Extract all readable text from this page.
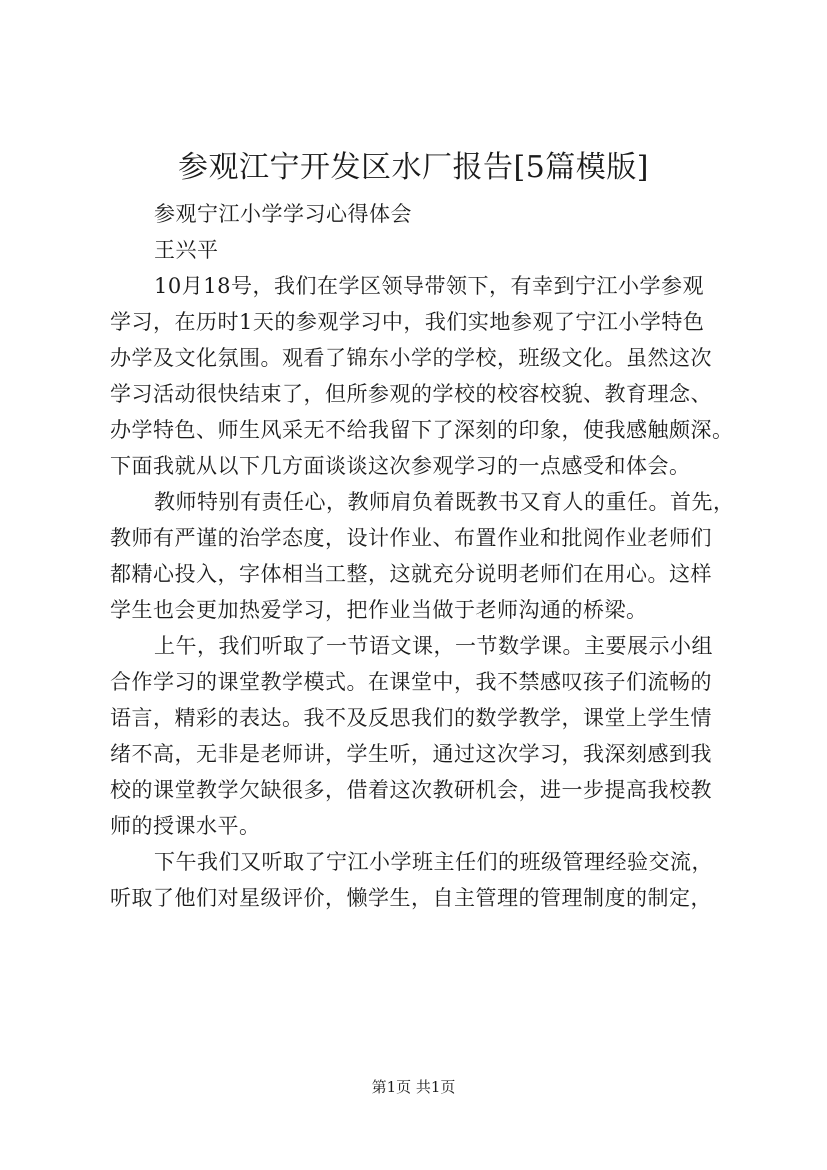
参观江宁开发区水厂报告[5篇模版]
参观宁江小学学习心得体会
王兴平
10月18号，我们在学区领导带领下，有幸到宁江小学参观
学习，在历时1天的参观学习中，我们实地参观了宁江小学特色
办学及文化氛围。观看了锦东小学的学校，班级文化。虽然这次
学习活动很快结束了，但所参观的学校的校容校貌、教育理念、
办学特色、师生风采无不给我留下了深刻的印象，使我感触颇深。
下面我就从以下几方面谈谈这次参观学习的一点感受和体会。
教师特别有责任心，教师肩负着既教书又育人的重任。首先，
教师有严谨的治学态度，设计作业、布置作业和批阅作业老师们
都精心投入，字体相当工整，这就充分说明老师们在用心。这样
学生也会更加热爱学习，把作业当做于老师沟通的桥梁。
上午，我们听取了一节语文课，一节数学课。主要展示小组
合作学习的课堂教学模式。在课堂中，我不禁感叹孩子们流畅的
语言，精彩的表达。我不及反思我们的数学教学，课堂上学生情
绪不高，无非是老师讲，学生听，通过这次学习，我深刻感到我
校的课堂教学欠缺很多，借着这次教研机会，进一步提高我校教
师的授课水平。
下午我们又听取了宁江小学班主任们的班级管理经验交流，
听取了他们对星级评价，懒学生，自主管理的管理制度的制定，
第1页 共1页
